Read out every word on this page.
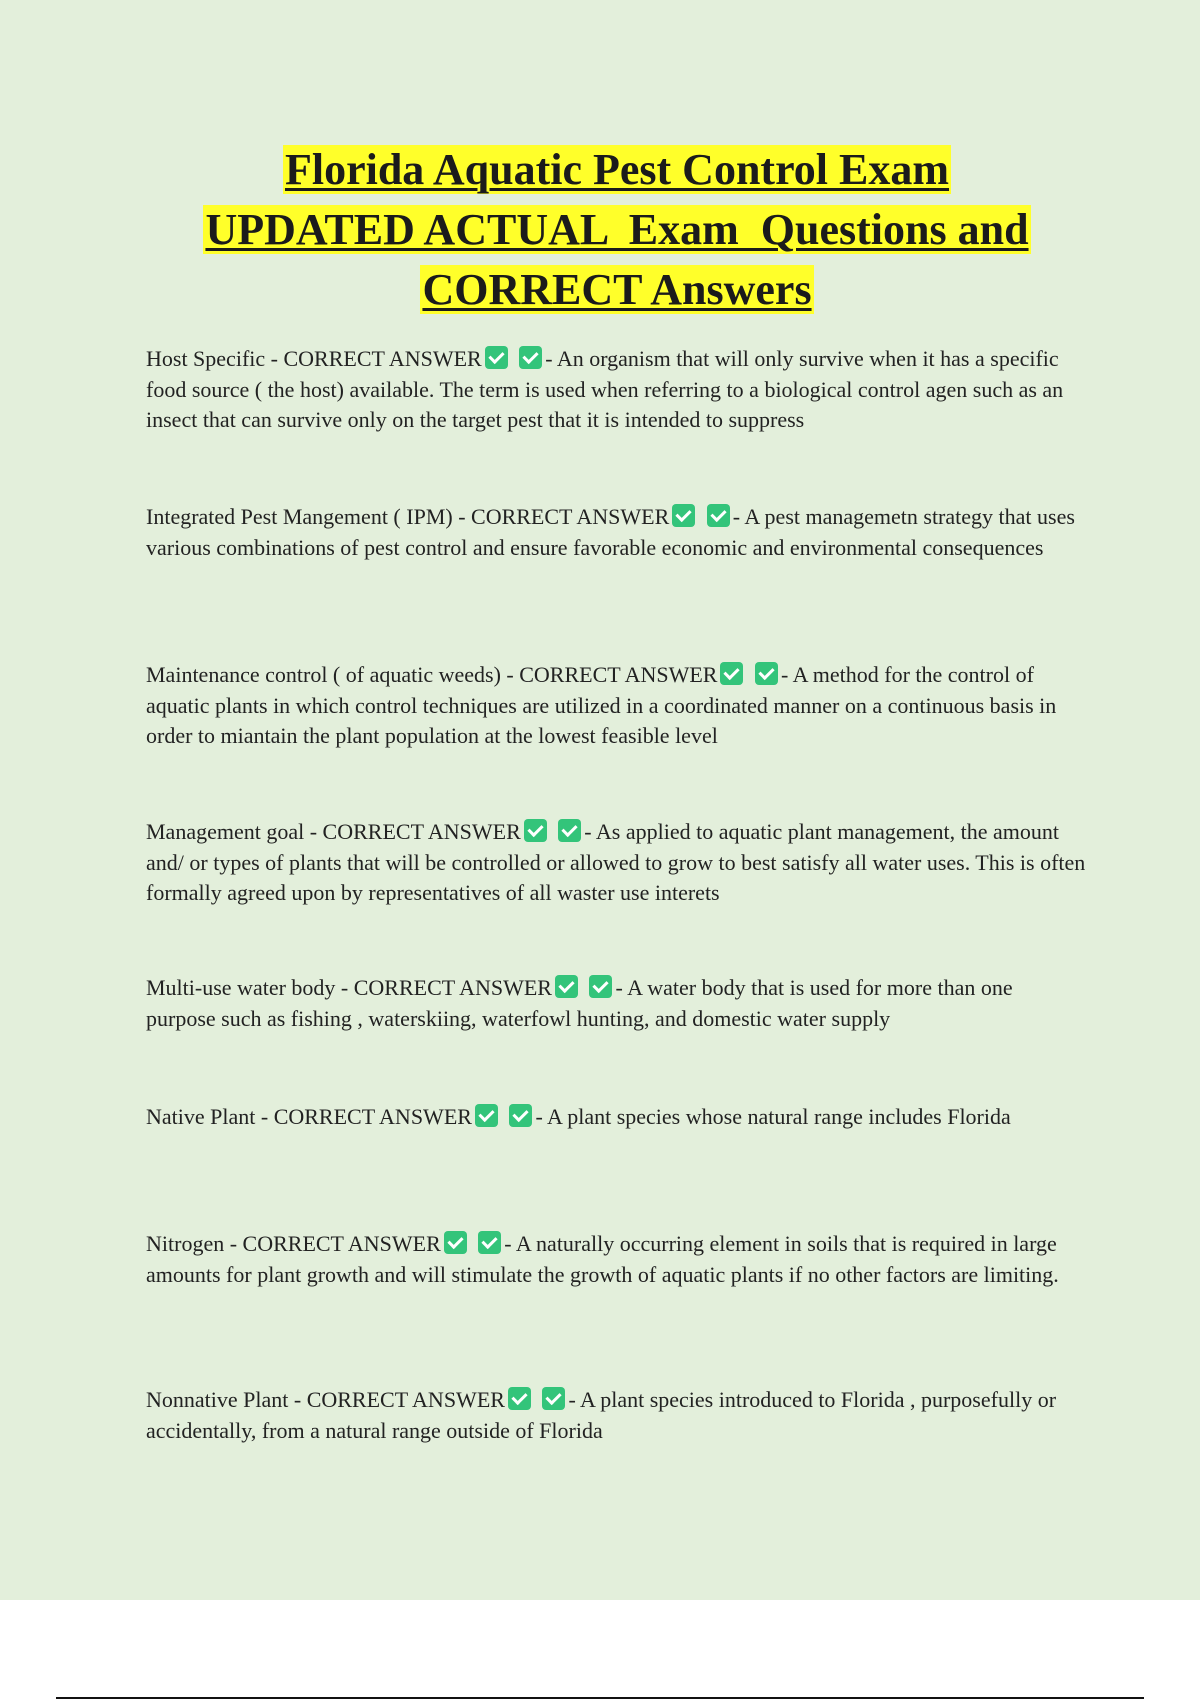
Florida Aquatic Pest Control Exam
UPDATED ACTUAL  Exam  Questions and
CORRECT Answers
Host Specific - CORRECT ANSWER	- An organism that will only survive when it has a specific food source ( the host) available. The term is used when referring to a biological control agen such as an insect that can survive only on the target pest that it is intended to suppress
Integrated Pest Mangement ( IPM) - CORRECT ANSWER	- A pest managemetn strategy that uses various combinations of pest control and ensure favorable economic and environmental consequences
Maintenance control ( of aquatic weeds) - CORRECT ANSWER	- A method for the control of aquatic plants in which control techniques are utilized in a coordinated manner on a continuous basis in order to miantain the plant population at the lowest feasible level
Management goal - CORRECT ANSWER	- As applied to aquatic plant management, the amount and/ or types of plants that will be controlled or allowed to grow to best satisfy all water uses. This is often formally agreed upon by representatives of all waster use interets
Multi-use water body - CORRECT ANSWER	- A water body that is used for more than one purpose such as fishing , waterskiing, waterfowl hunting, and domestic water supply
Native Plant - CORRECT ANSWER	- A plant species whose natural range includes Florida
Nitrogen - CORRECT ANSWER	- A naturally occurring element in soils that is required in large amounts for plant growth and will stimulate the growth of aquatic plants if no other factors are limiting.
Nonnative Plant - CORRECT ANSWER	- A plant species introduced to Florida , purposefully or accidentally, from a natural range outside of Florida
